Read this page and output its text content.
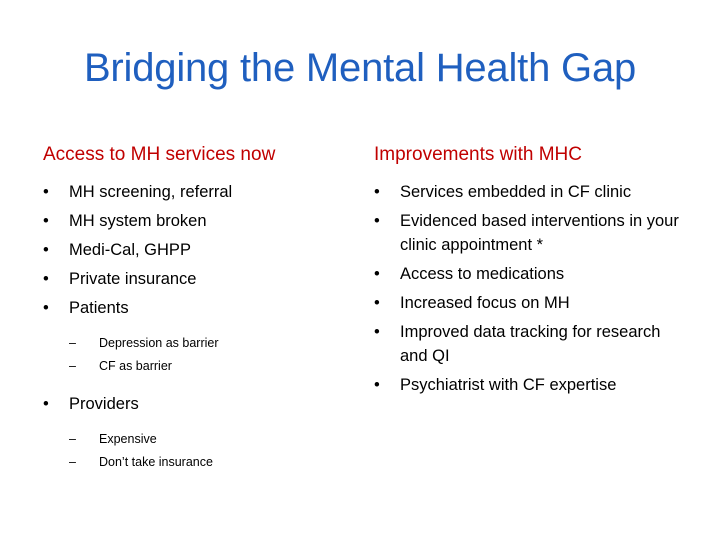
Bridging the Mental Health Gap
Access to MH services now
•	MH screening, referral
•	MH system broken
•	Medi-Cal, GHPP
•	Private insurance
•	Patients
– Depression as barrier
– CF as barrier
•	Providers
– Expensive
– Don’t take insurance
Improvements with MHC
•	Services embedded in CF clinic
•	Evidenced based interventions in your clinic appointment *
•	Access to medications
•	Increased focus on MH
•	Improved data tracking for research and QI
•	Psychiatrist with CF expertise
